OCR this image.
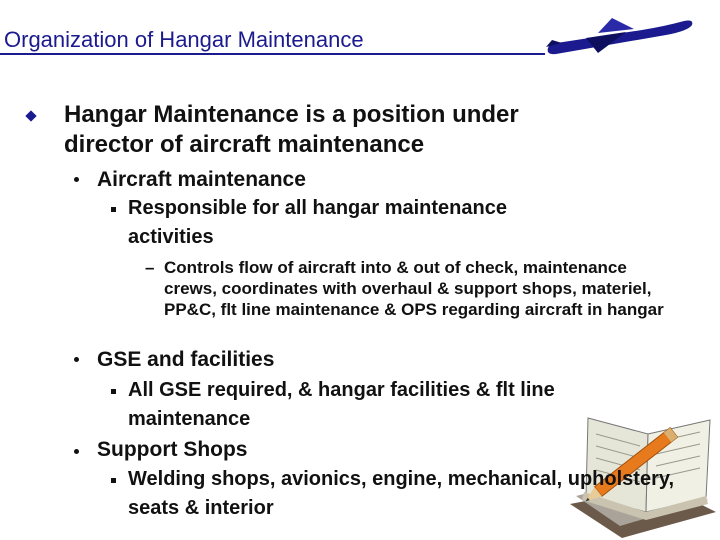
Organization of Hangar Maintenance
Hangar Maintenance is a position under director of aircraft maintenance
Aircraft maintenance
Responsible for all hangar maintenance activities
– Controls flow of aircraft into & out of check, maintenance crews, coordinates with overhaul & support shops, materiel, PP&C, flt line maintenance & OPS regarding aircraft in hangar
GSE and facilities
All GSE required, & hangar facilities & flt line maintenance
Support Shops
Welding shops, avionics, engine, mechanical, upholstery, seats & interior
